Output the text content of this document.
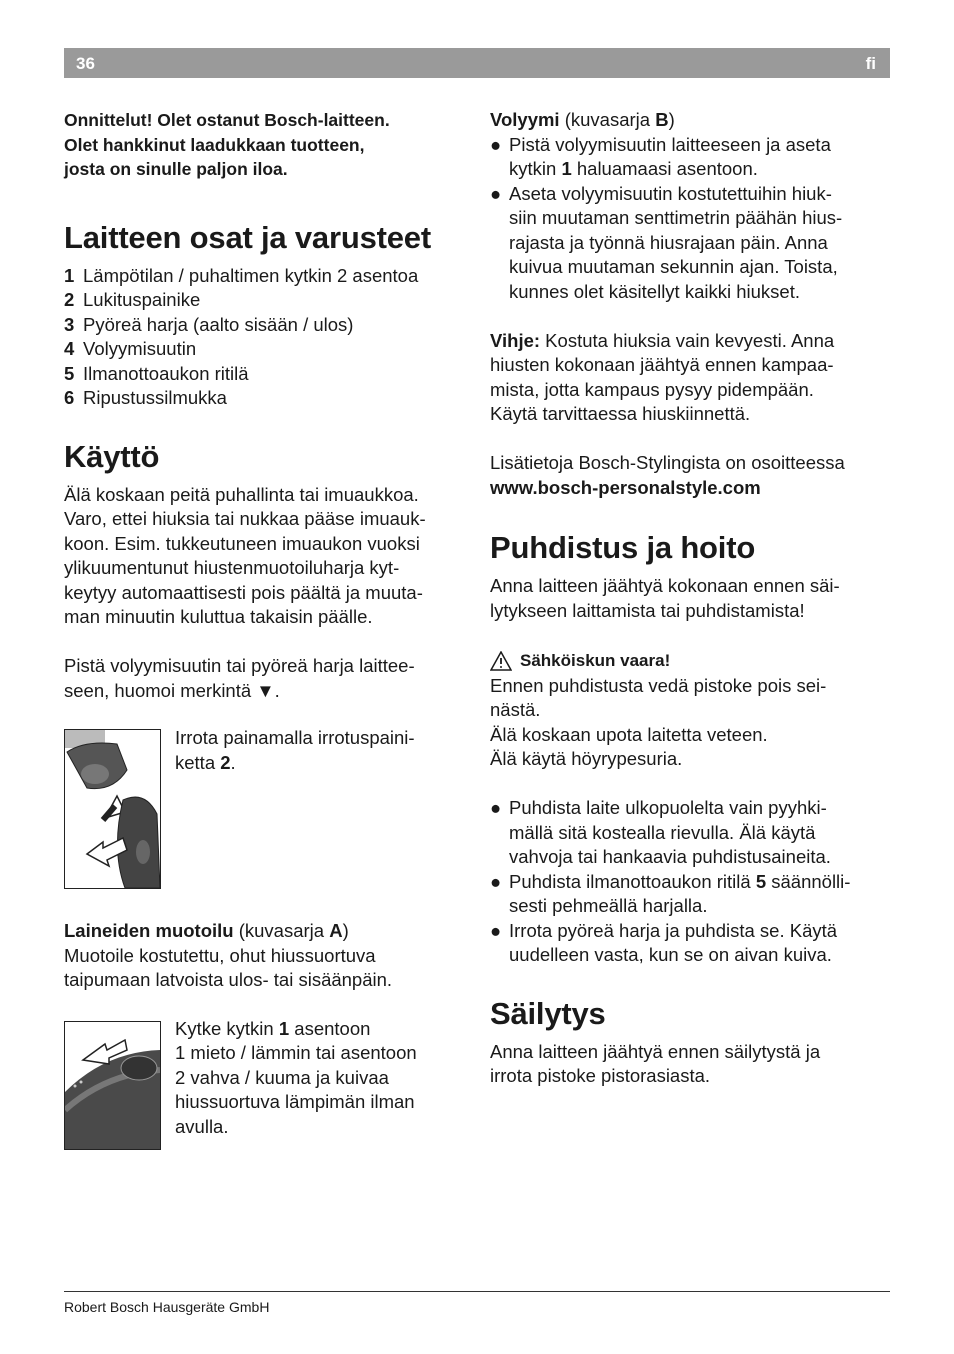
36	fi

Onnittelut! Olet ostanut Bosch-laitteen.
Olet hankkinut laadukkaan tuotteen,
josta on sinulle paljon iloa.

Laitteen osat ja varusteet
1 Lämpötilan / puhaltimen kytkin 2 asentoa
2 Lukituspainike
3 Pyöreä harja (aalto sisään / ulos)
4 Volyymisuutin
5 Ilmanottoaukon ritilä
6 Ripustussilmukka
Käyttö

Älä koskaan peitä puhallinta tai imuaukkoa.
Varo, ettei hiuksia tai nukkaa pääse imuauk-
koon. Esim. tukkeutuneen imuaukon vuoksi
ylikuumentunut hiustenmuotoiluharja kyt-
keytyy automaattisesti pois päältä ja muuta-
man minuutin kuluttua takaisin päälle.

Pistä volyymisuutin tai pyöreä harja laittee-
seen, huomoi merkintä ▼.

Irrota painamalla irrotuspaini-
ketta 2.

Laineiden muotoilu (kuvasarja A)
Muotoile kostutettu, ohut hiussuortuva
taipumaan latvoista ulos- tai sisäänpäin.

Kytke kytkin 1 asentoon
1 mieto / lämmin tai asentoon
2 vahva / kuuma ja kuivaa
hiussuortuva lämpimän ilman
avulla.

Volyymi (kuvasarja B)

● Pistä volyymisuutin laitteeseen ja aseta
kytkin 1 haluamaasi asentoon.
● Aseta volyymisuutin kostutettuihin hiuk-
siin muutaman senttimetrin päähän hius-
rajasta ja työnnä hiusrajaan päin. Anna
kuivua muutaman sekunnin ajan. Toista,
kunnes olet käsitellyt kaikki hiukset.

Vihje: Kostuta hiuksia vain kevyesti. Anna
hiusten kokonaan jäähtyä ennen kampaa-
mista, jotta kampaus pysyy pidempään.
Käytä tarvittaessa hiuskiinnettä.

Lisätietoja Bosch-Stylingista on osoitteessa
www.bosch-personalstyle.com

Puhdistus ja hoito

Anna laitteen jäähtyä kokonaan ennen säi-
lytykseen laittamista tai puhdistamista!

Sähköiskun vaara!

Ennen puhdistusta vedä pistoke pois sei-
nästä.
Älä koskaan upota laitetta veteen.
Älä käytä höyrypesuria.

● Puhdista laite ulkopuolelta vain pyyhki-
mällä sitä kostealla rievulla. Älä käytä
vahvoja tai hankaavia puhdistusaineita.
● Puhdista ilmanottoaukon ritilä 5 säännölli-
sesti pehmeällä harjalla.
● Irrota pyöreä harja ja puhdista se. Käytä
uudelleen vasta, kun se on aivan kuiva.
Säilytys

Anna laitteen jäähtyä ennen säilytystä ja
irrota pistoke pistorasiasta.

Robert Bosch Hausgeräte GmbH
